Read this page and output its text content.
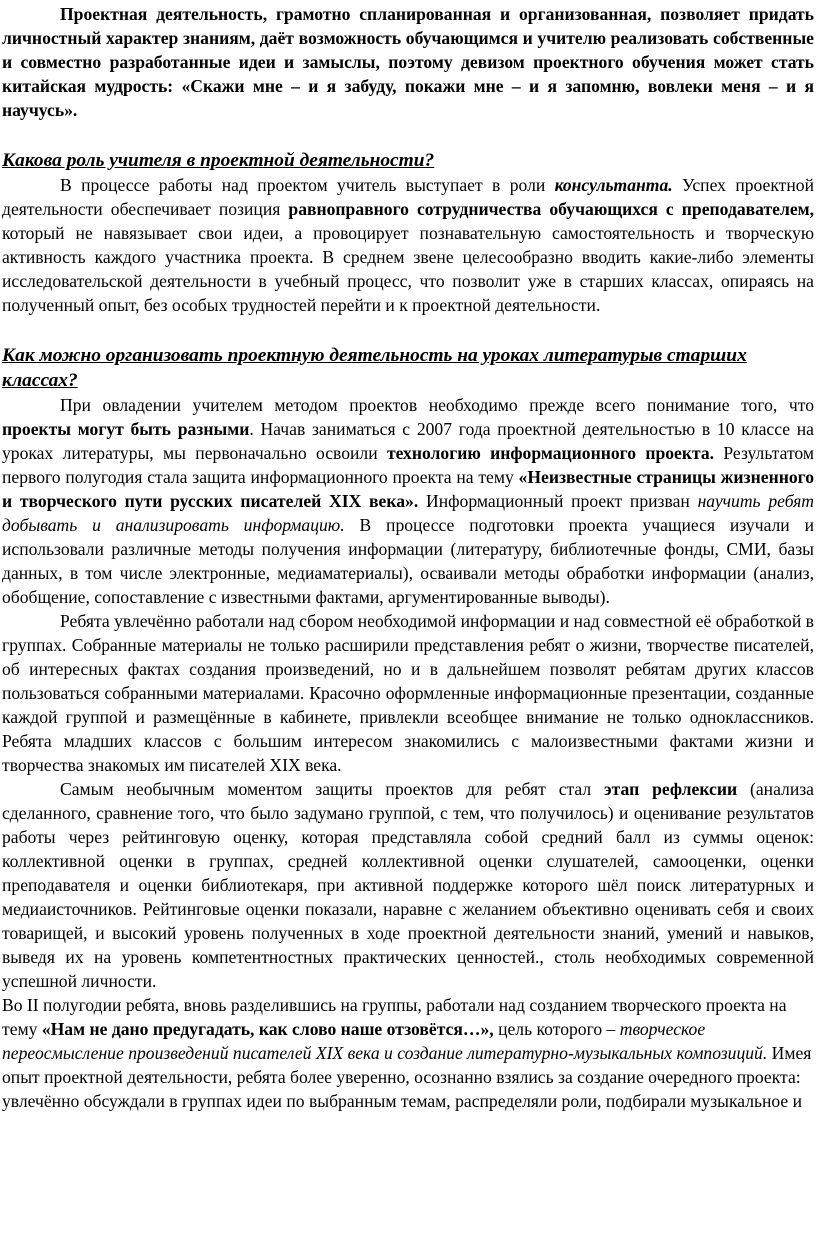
Проектная деятельность, грамотно спланированная и организованная, позволяет придать личностный характер знаниям, даёт возможность обучающимся и учителю реализовать собственные и совместно разработанные идеи и замыслы, поэтому девизом проектного обучения может стать китайская мудрость: «Скажи мне – и я забуду, покажи мне – и я запомню, вовлеки меня – и я научусь».

Какова роль учителя в проектной деятельности?

В процессе работы над проектом учитель выступает в роли консультанта. Успех проектной деятельности обеспечивает позиция равноправного сотрудничества обучающихся с преподавателем, который не навязывает свои идеи, а провоцирует познавательную самостоятельность и творческую активность каждого участника проекта. В среднем звене целесообразно вводить какие-либо элементы исследовательской деятельности в учебный процесс, что позволит уже в старших классах, опираясь на полученный опыт, без особых трудностей перейти и к проектной деятельности.

Как можно организовать проектную деятельность на уроках литературыв старших классах?

При овладении учителем методом проектов необходимо прежде всего понимание того, что проекты могут быть разными. Начав заниматься с 2007 года проектной деятельностью в 10 классе на уроках литературы, мы первоначально освоили технологию информационного проекта. Результатом первого полугодия стала защита информационного проекта на тему «Неизвестные страницы жизненного и творческого пути русских писателей XIX века». Информационный проект призван научить ребят добывать и анализировать информацию. В процессе подготовки проекта учащиеся изучали и использовали различные методы получения информации (литературу, библиотечные фонды, СМИ, базы данных, в том числе электронные, медиаматериалы), осваивали методы обработки информации (анализ, обобщение, сопоставление с известными фактами, аргументированные выводы).

Ребята увлечённо работали над сбором необходимой информации и над совместной её обработкой в группах. Собранные материалы не только расширили представления ребят о жизни, творчестве писателей, об интересных фактах создания произведений, но и в дальнейшем позволят ребятам других классов пользоваться собранными материалами. Красочно оформленные информационные презентации, созданные каждой группой и размещённые в кабинете, привлекли всеобщее внимание не только одноклассников. Ребята младших классов с большим интересом знакомились с малоизвестными фактами жизни и творчества знакомых им писателей XIX века.

Самым необычным моментом защиты проектов для ребят стал этап рефлексии (анализа сделанного, сравнение того, что было задумано группой, с тем, что получилось) и оценивание результатов работы через рейтинговую оценку, которая представляла собой средний балл из суммы оценок: коллективной оценки в группах, средней коллективной оценки слушателей, самооценки, оценки преподавателя и оценки библиотекаря, при активной поддержке которого шёл поиск литературных и медиаисточников. Рейтинговые оценки показали, наравне с желанием объективно оценивать себя и своих товарищей, и высокий уровень полученных в ходе проектной деятельности знаний, умений и навыков, выведя их на уровень компетентностных практических ценностей., столь необходимых современной успешной личности.

Во II полугодии ребята, вновь разделившись на группы, работали над созданием творческого проекта на тему «Нам не дано предугадать, как слово наше отзовётся…», цель которого – творческое переосмысление произведений писателей XIX века и создание литературно-музыкальных композиций. Имея опыт проектной деятельности, ребята более уверенно, осознанно взялись за создание очередного проекта: увлечённо обсуждали в группах идеи по выбранным темам, распределяли роли, подбирали музыкальное и
